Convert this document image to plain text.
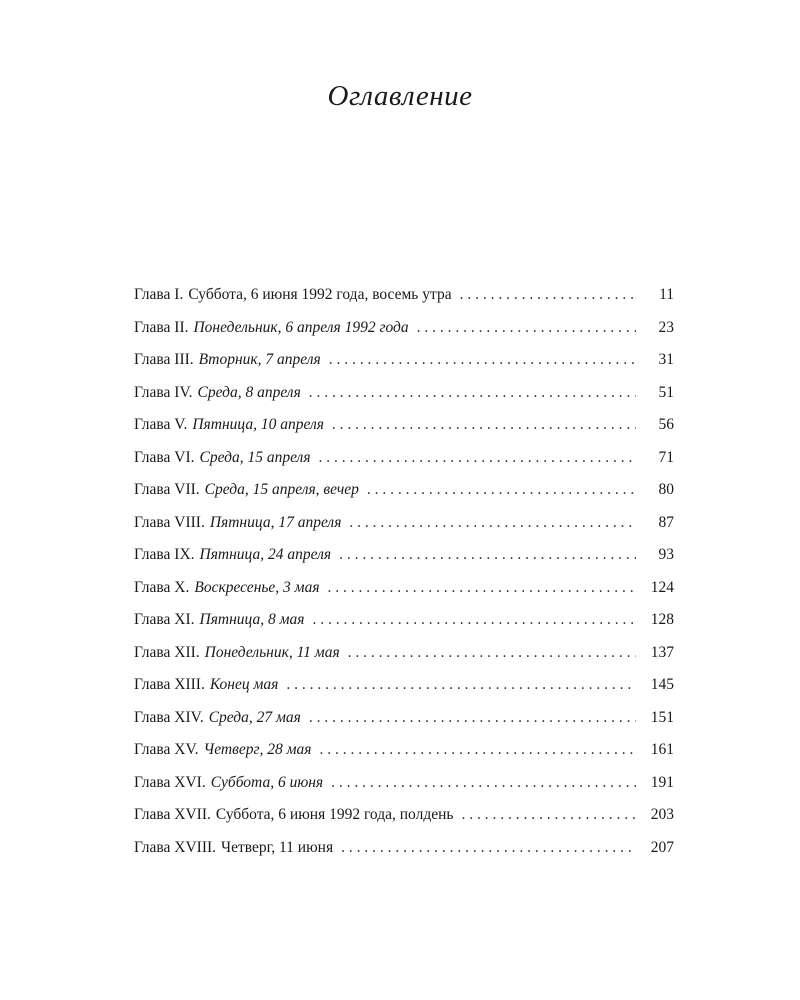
Оглавление
Глава I. Суббота, 6 июня 1992 года, восемь утра . . .	11
Глава II. Понедельник, 6 апреля 1992 года . . .	23
Глава III. Вторник, 7 апреля . . .	31
Глава IV. Среда, 8 апреля . . .	51
Глава V. Пятница, 10 апреля . . .	56
Глава VI. Среда, 15 апреля . . .	71
Глава VII. Среда, 15 апреля, вечер . . .	80
Глава VIII. Пятница, 17 апреля . . .	87
Глава IX. Пятница, 24 апреля . . .	93
Глава X. Воскресенье, 3 мая . . .	124
Глава XI. Пятница, 8 мая . . .	128
Глава XII. Понедельник, 11 мая . . .	137
Глава XIII. Конец мая . . .	145
Глава XIV. Среда, 27 мая . . .	151
Глава XV. Четверг, 28 мая . . .	161
Глава XVI. Суббота, 6 июня . . .	191
Глава XVII. Суббота, 6 июня 1992 года, полдень . . .	203
Глава XVIII. Четверг, 11 июня . . .	207
